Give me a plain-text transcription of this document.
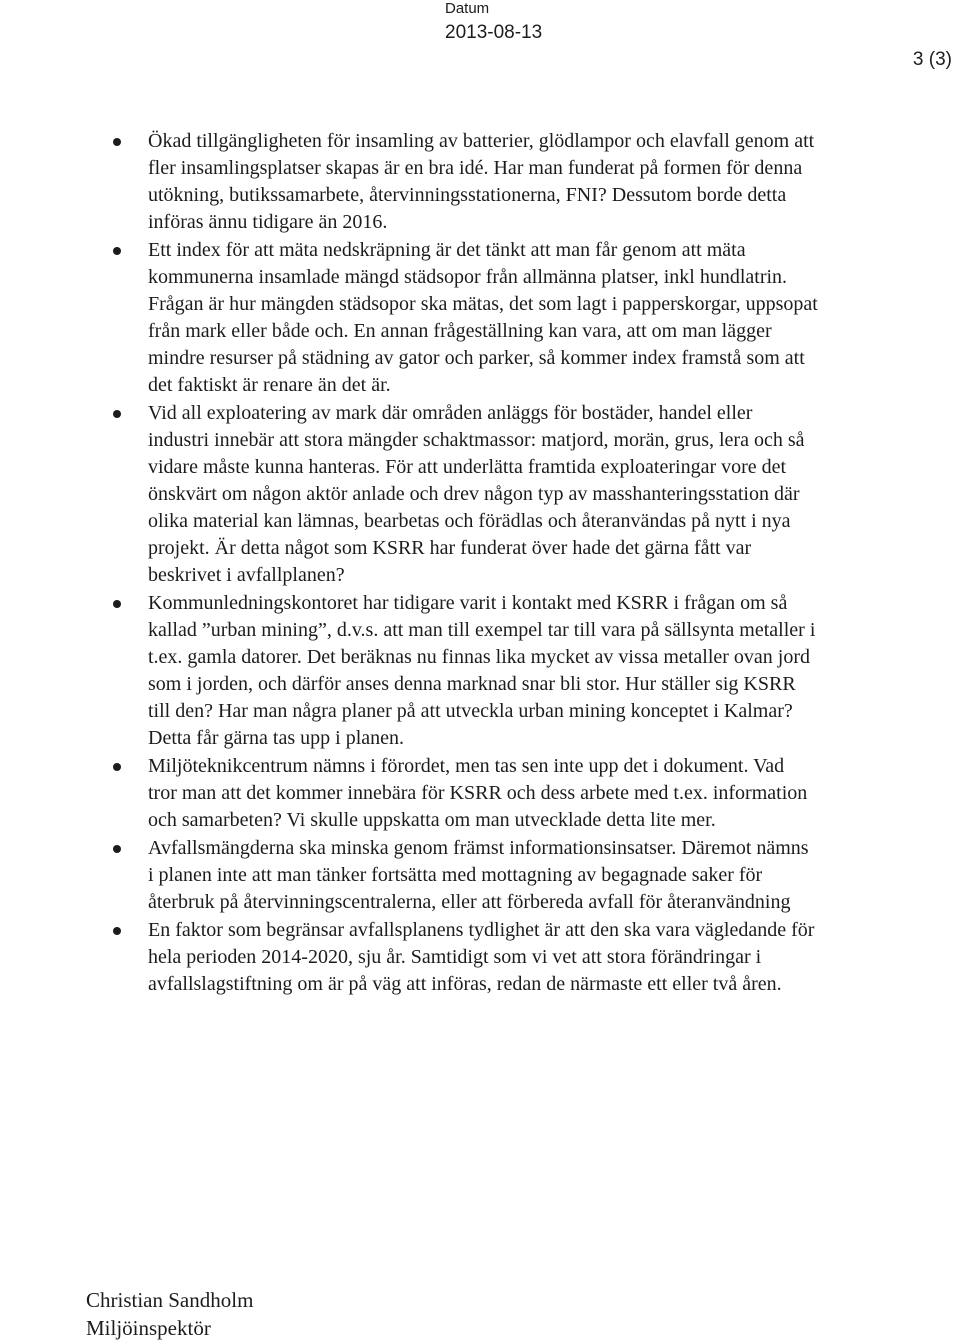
Datum
2013-08-13
3 (3)
Ökad tillgängligheten för insamling av batterier, glödlampor och elavfall genom att fler insamlingsplatser skapas är en bra idé. Har man funderat på formen för denna utökning, butikssamarbete, återvinningsstationerna, FNI? Dessutom borde detta införas ännu tidigare än 2016.
Ett index för att mäta nedskräpning är det tänkt att man får genom att mäta kommunerna insamlade mängd städsopor från allmänna platser, inkl hundlatrin. Frågan är hur mängden städsopor ska mätas, det som lagt i papperskorgar, uppsopat från mark eller både och. En annan frågeställning kan vara, att om man lägger mindre resurser på städning av gator och parker, så kommer index framstå som att det faktiskt är renare än det är.
Vid all exploatering av mark där områden anläggs för bostäder, handel eller industri innebär att stora mängder schaktmassor: matjord, morän, grus, lera och så vidare måste kunna hanteras. För att underlätta framtida exploateringar vore det önskvärt om någon aktör anlade och drev någon typ av masshanteringsstation där olika material kan lämnas, bearbetas och förädlas och återanvändas på nytt i nya projekt. Är detta något som KSRR har funderat över hade det gärna fått var beskrivet i avfallplanen?
Kommunledningskontoret har tidigare varit i kontakt med KSRR i frågan om så kallad ”urban mining”, d.v.s. att man till exempel tar till vara på sällsynta metaller i t.ex. gamla datorer. Det beräknas nu finnas lika mycket av vissa metaller ovan jord som i jorden, och därför anses denna marknad snar bli stor. Hur ställer sig KSRR till den? Har man några planer på att utveckla urban mining konceptet i Kalmar? Detta får gärna tas upp i planen.
Miljöteknikcentrum nämns i förordet, men tas sen inte upp det i dokument. Vad tror man att det kommer innebära för KSRR och dess arbete med t.ex. information och samarbeten? Vi skulle uppskatta om man utvecklade detta lite mer.
Avfallsmängderna ska minska genom främst informationsinsatser. Däremot nämns i planen inte att man tänker fortsätta med mottagning av begagnade saker för återbruk på återvinningscentralerna, eller att förbereda avfall för återanvändning
En faktor som begränsar avfallsplanens tydlighet är att den ska vara vägledande för hela perioden 2014-2020, sju år. Samtidigt som vi vet att stora förändringar i avfallslagstiftning om är på väg att införas, redan de närmaste ett eller två åren.
Christian Sandholm
Miljöinspektör
